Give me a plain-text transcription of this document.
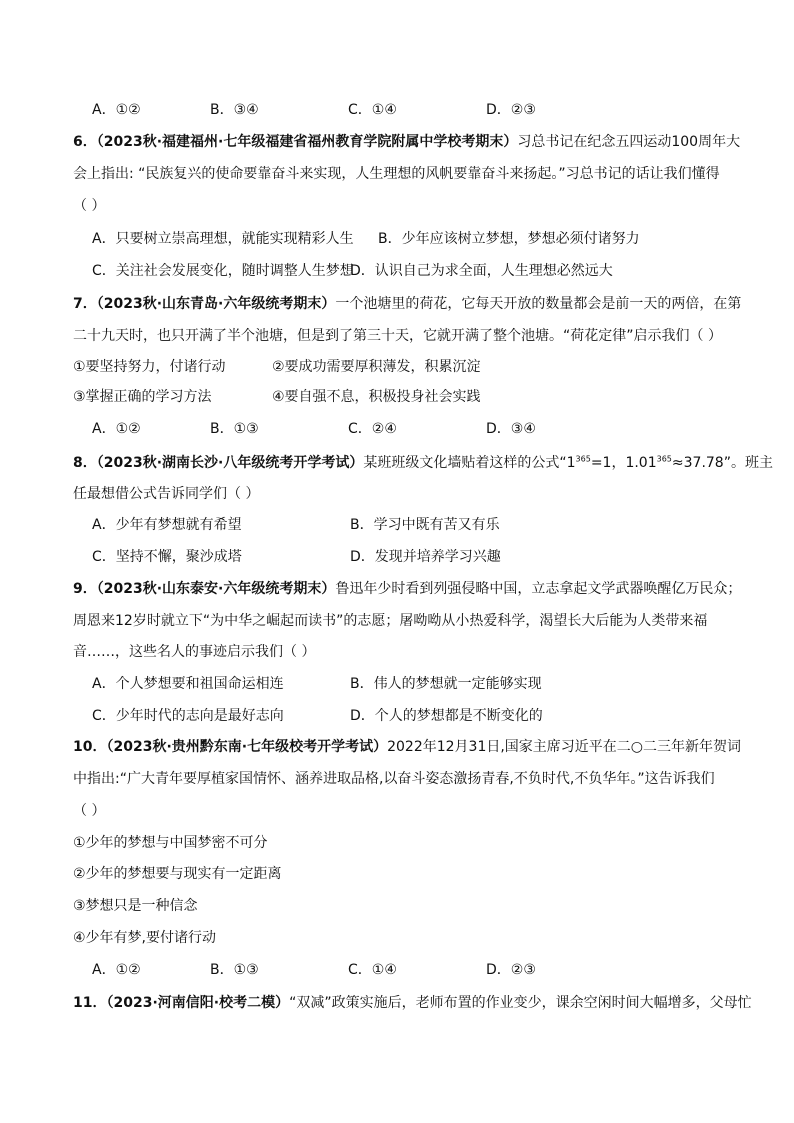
A．①②	B．③④	C．①④	D．②③
6．（2023秋·福建福州·七年级福建省福州教育学院附属中学校考期末）习总书记在纪念五四运动100周年大
会上指出: “民族复兴的使命要靠奋斗来实现，人生理想的风帆要靠奋斗来扬起。”习总书记的话让我们懂得
（ ）
A．只要树立崇高理想，就能实现精彩人生 B．少年应该树立梦想，梦想必须付诸努力
C．关注社会发展变化，随时调整人生梦想
D．认识自己为求全面，人生理想必然远大
7．（2023秋·山东青岛·六年级统考期末）一个池塘里的荷花，它每天开放的数量都会是前一天的两倍，在第
二十九天时，也只开满了半个池塘，但是到了第三十天，它就开满了整个池塘。“荷花定律”启示我们（ ）
①要坚持努力，付诸行动	②要成功需要厚积薄发，积累沉淀
③掌握正确的学习方法	④要自强不息，积极投身社会实践
A．①②	B．①③	C．②④	D．③④
8．（2023秋·湖南长沙·八年级统考开学考试）某班班级文化墙贴着这样的公式“$1^{365}=1$，$1.01^{365}\approx 37.78$”。班主
任最想借公式告诉同学们（ ）
A．少年有梦想就有希望	B．学习中既有苦又有乐
C．坚持不懈，聚沙成塔	D．发现并培养学习兴趣
9．（2023秋·山东泰安·六年级统考期末）鲁迅年少时看到列强侵略中国，立志拿起文学武器唤醒亿万民众；
周恩来12岁时就立下“为中华之崛起而读书”的志愿；屠呦呦从小热爱科学，渴望长大后能为人类带来福
音……，这些名人的事迹启示我们（ ）
A．个人梦想要和祖国命运相连	B．伟人的梦想就一定能够实现
C．少年时代的志向是最好志向	D．个人的梦想都是不断变化的
10．（2023秋·贵州黔东南·七年级校考开学考试）2022年12月31日,国家主席习近平在二○二三年新年贺词
中指出:“广大青年要厚植家国情怀、涵养进取品格,以奋斗姿态激扬青春,不负时代,不负华年。”这告诉我们
（ ）
①少年的梦想与中国梦密不可分
②少年的梦想要与现实有一定距离
③梦想只是一种信念
④少年有梦,要付诸行动
A．①②	B．①③	C．①④	D．②③
11．（2023·河南信阳·校考二模）“双减”政策实施后，老师布置的作业变少，课余空闲时间大幅增多，父母忙
